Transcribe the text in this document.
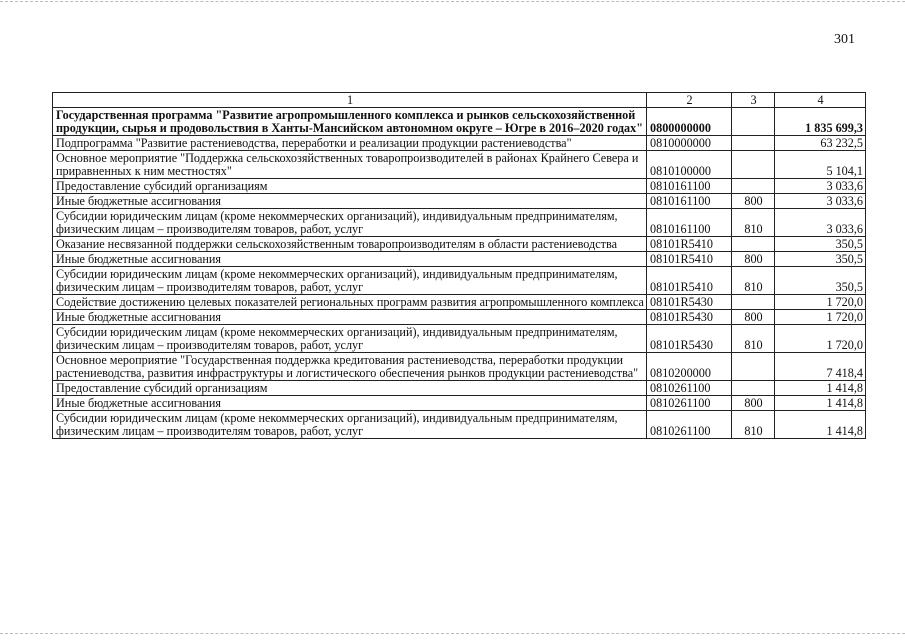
301
1	2	3	4
Государственная программа "Развитие агропромышленного комплекса и рынков сельскохозяйственной продукции, сырья и продовольствия в Ханты-Мансийском автономном округе – Югре в 2016–2020 годах"	0800000000		1 835 699,3
Подпрограмма "Развитие растениеводства, переработки и реализации продукции растениеводства"	0810000000		63 232,5
Основное мероприятие "Поддержка сельскохозяйственных товаропроизводителей в районах Крайнего Севера и приравненных к ним местностях"	0810100000		5 104,1
Предоставление субсидий организациям	0810161100		3 033,6
Иные бюджетные ассигнования	0810161100	800	3 033,6
Субсидии юридическим лицам (кроме некоммерческих организаций), индивидуальным предпринимателям, физическим лицам – производителям товаров, работ, услуг	0810161100	810	3 033,6
Оказание несвязанной поддержки сельскохозяйственным товаропроизводителям в области растениеводства	08101R5410		350,5
Иные бюджетные ассигнования	08101R5410	800	350,5
Субсидии юридическим лицам (кроме некоммерческих организаций), индивидуальным предпринимателям, физическим лицам – производителям товаров, работ, услуг	08101R5410	810	350,5
Содействие достижению целевых показателей региональных программ развития агропромышленного комплекса	08101R5430		1 720,0
Иные бюджетные ассигнования	08101R5430	800	1 720,0
Субсидии юридическим лицам (кроме некоммерческих организаций), индивидуальным предпринимателям, физическим лицам – производителям товаров, работ, услуг	08101R5430	810	1 720,0
Основное мероприятие "Государственная поддержка кредитования растениеводства, переработки продукции растениеводства, развития инфраструктуры и логистического обеспечения рынков продукции растениеводства"	0810200000		7 418,4
Предоставление субсидий организациям	0810261100		1 414,8
Иные бюджетные ассигнования	0810261100	800	1 414,8
Субсидии юридическим лицам (кроме некоммерческих организаций), индивидуальным предпринимателям, физическим лицам – производителям товаров, работ, услуг	0810261100	810	1 414,8
